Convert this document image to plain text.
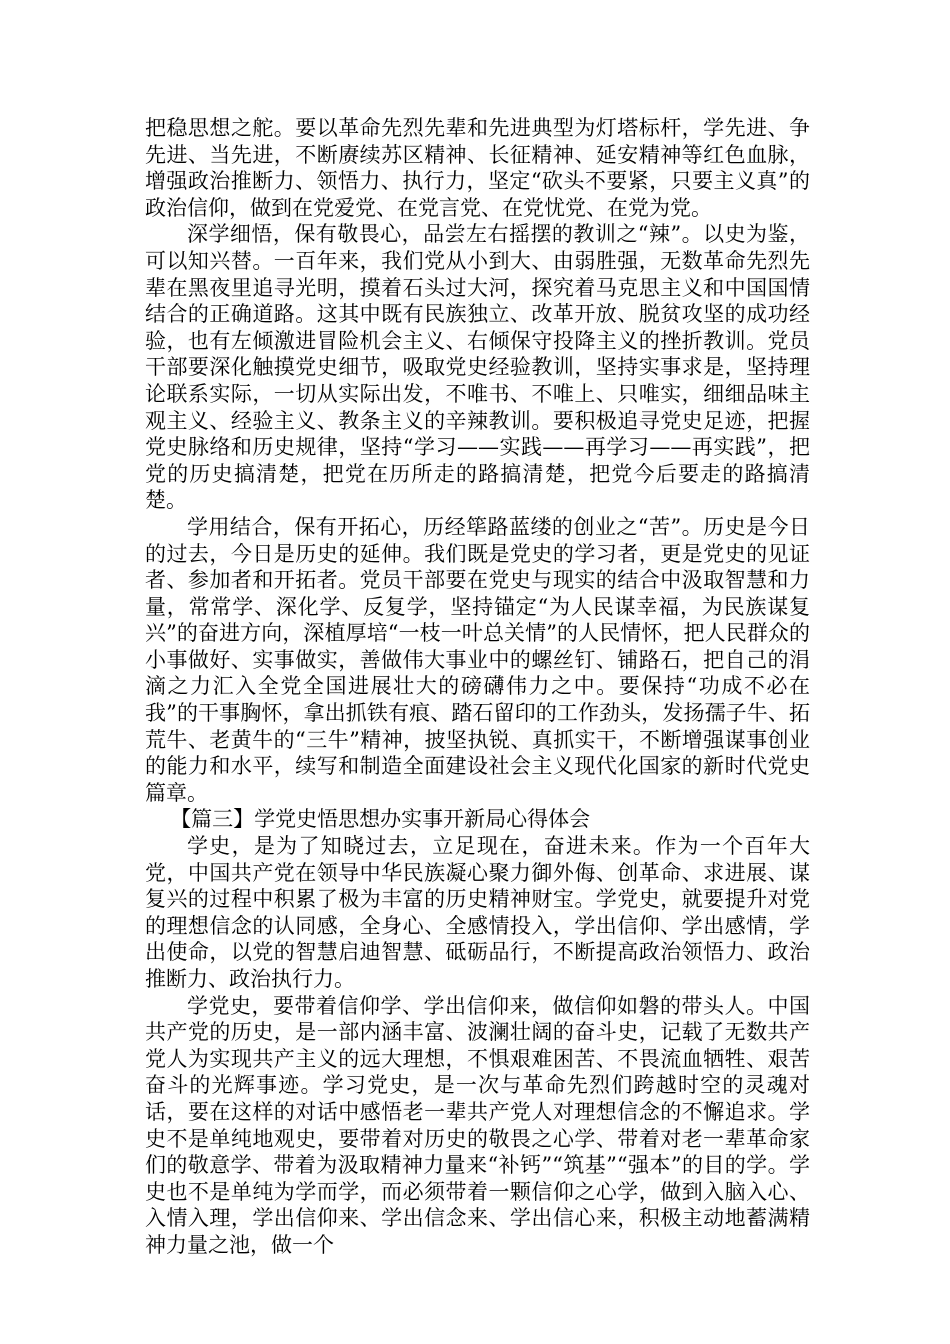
把稳思想之舵。要以革命先烈先辈和先进典型为灯塔标杆，学先进、争先进、当先进，不断赓续苏区精神、长征精神、延安精神等红色血脉，增强政治推断力、领悟力、执行力，坚定“砍头不要紧，只要主义真”的政治信仰，做到在党爱党、在党言党、在党忧党、在党为党。

深学细悟，保有敬畏心，品尝左右摇摆的教训之“辣”。以史为鉴，可以知兴替。一百年来，我们党从小到大、由弱胜强，无数革命先烈先辈在黑夜里追寻光明，摸着石头过大河，探究着马克思主义和中国国情结合的正确道路。这其中既有民族独立、改革开放、脱贫攻坚的成功经验，也有左倾激进冒险机会主义、右倾保守投降主义的挫折教训。党员干部要深化触摸党史细节，吸取党史经验教训，坚持实事求是，坚持理论联系实际，一切从实际出发，不唯书、不唯上、只唯实，细细品味主观主义、经验主义、教条主义的辛辣教训。要积极追寻党史足迹，把握党史脉络和历史规律，坚持“学习——实践——再学习——再实践”，把党的历史搞清楚，把党在历所走的路搞清楚，把党今后要走的路搞清楚。

学用结合，保有开拓心，历经筚路蓝缕的创业之“苦”。历史是今日的过去，今日是历史的延伸。我们既是党史的学习者，更是党史的见证者、参加者和开拓者。党员干部要在党史与现实的结合中汲取智慧和力量，常常学、深化学、反复学，坚持锚定“为人民谋幸福，为民族谋复兴”的奋进方向，深植厚培“一枝一叶总关情”的人民情怀，把人民群众的小事做好、实事做实，善做伟大事业中的螺丝钉、铺路石，把自己的涓滴之力汇入全党全国进展壮大的磅礴伟力之中。要保持“功成不必在我”的干事胸怀，拿出抓铁有痕、踏石留印的工作劲头，发扬孺子牛、拓荒牛、老黄牛的“三牛”精神，披坚执锐、真抓实干，不断增强谋事创业的能力和水平，续写和制造全面建设社会主义现代化国家的新时代党史篇章。

【篇三】学党史悟思想办实事开新局心得体会

学史，是为了知晓过去，立足现在，奋进未来。作为一个百年大党，中国共产党在领导中华民族凝心聚力御外侮、创革命、求进展、谋复兴的过程中积累了极为丰富的历史精神财宝。学党史，就要提升对党的理想信念的认同感，全身心、全感情投入，学出信仰、学出感情，学出使命，以党的智慧启迪智慧、砥砺品行，不断提高政治领悟力、政治推断力、政治执行力。

学党史，要带着信仰学、学出信仰来，做信仰如磐的带头人。中国共产党的历史，是一部内涵丰富、波澜壮阔的奋斗史，记载了无数共产党人为实现共产主义的远大理想，不惧艰难困苦、不畏流血牺牲、艰苦奋斗的光辉事迹。学习党史，是一次与革命先烈们跨越时空的灵魂对话，要在这样的对话中感悟老一辈共产党人对理想信念的不懈追求。学史不是单纯地观史，要带着对历史的敬畏之心学、带着对老一辈革命家们的敬意学、带着为汲取精神力量来“补钙”“筑基”“强本”的目的学。学史也不是单纯为学而学，而必须带着一颗信仰之心学，做到入脑入心、入情入理，学出信仰来、学出信念来、学出信心来，积极主动地蓄满精神力量之池，做一个
